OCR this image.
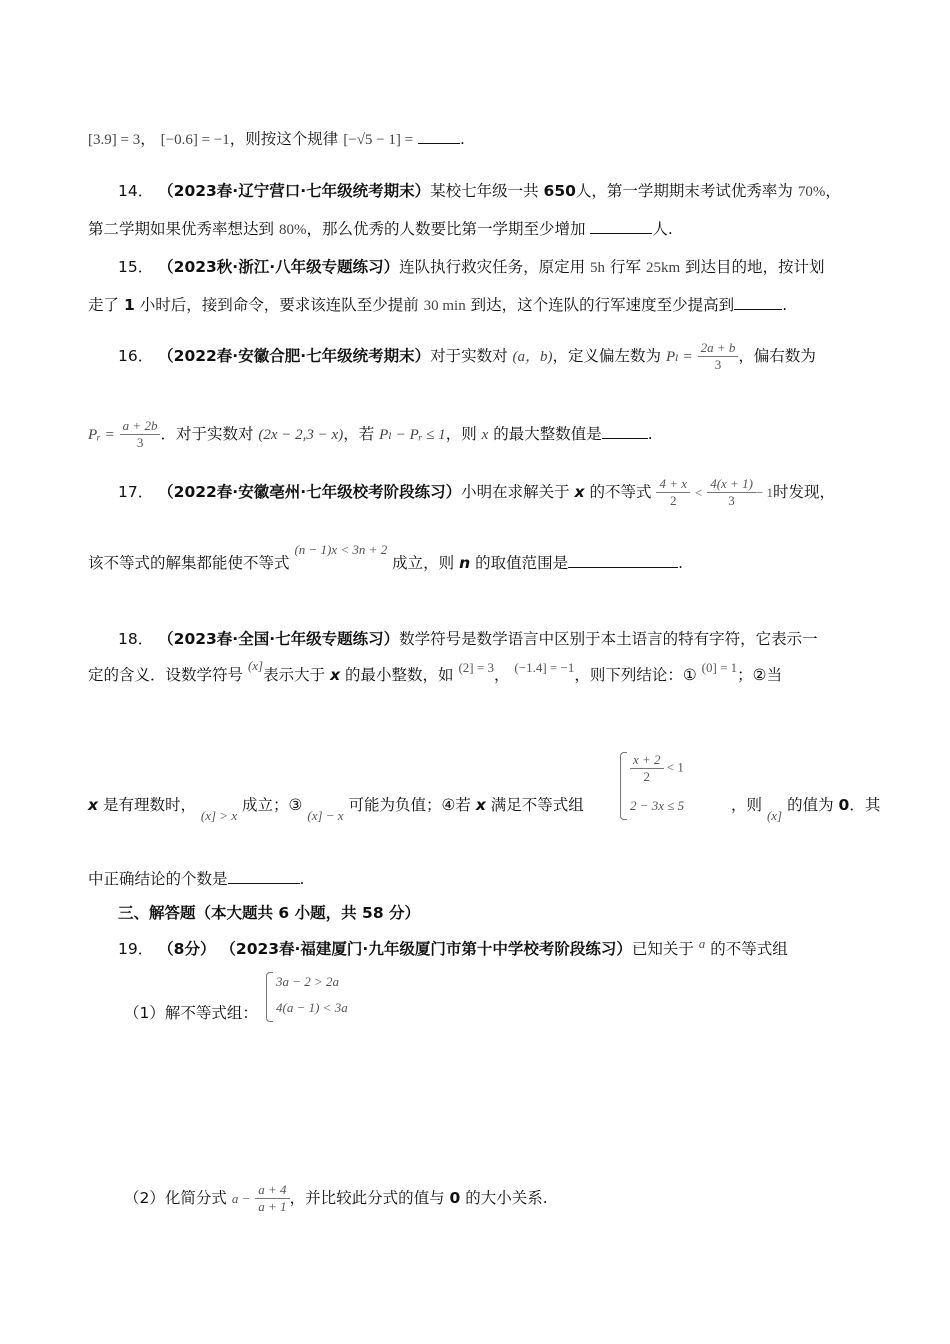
[3.9] = 3， [−0.6] = −1，则按这个规律 [−√5 − 1] =	.
14． （2023春·辽宁营口·七年级统考期末）某校七年级一共 650人，第一学期期末考试优秀率为 70%，
第二学期如果优秀率想达到 80%，那么优秀的人数要比第一学期至少增加	人.
15． （2023秋·浙江·八年级专题练习）连队执行救灾任务，原定用 5h 行军 25km 到达目的地，按计划
走了 1 小时后，接到命令，要求该连队至少提前 30 min 到达，这个连队的行军速度至少提高到	.
16． （2022春·安徽合肥·七年级统考期末）对于实数对 (a，b)，定义偏左数为 $P_l = \frac{2a + b}{3}$ ，偏右数为
Pᵣ = $\frac{a + 2b}{3}$ ．对于实数对 (2x − 2,3 − x)，若 Pₗ − Pᵣ ≤ 1，则 x 的最大整数值是	.
17． （2022春·安徽亳州·七年级校考阶段练习）小明在求解关于 x 的不等式 $\frac{4 + x}{2} < \frac{4(x + 1)}{3} - 1$时发现，
该不等式的解集都能使不等式 $^{(n - 1)x < 3n + 2}$ 成立，则 n 的取值范围是	.
18． （2023春·全国·七年级专题练习）数学符号是数学语言中区别于本土语言的特有字符，它表示一
定的含义．设数学符号 $^{(x]}$表示大于 x 的最小整数，如 $^{(2] = 3}$， $^{(-1.4] = -1}$，则下列结论：① $^{(0] = 1}$；②当
$\frac{x + 2}{2} < 1$
2 − 3x ≤ 5
x 是有理数时， $_{(x] > x}$ 成立；③ $_{(x] - x}$ 可能为负值；④若 x 满足不等式组	，则 $_{(x]}$ 的值为 0．其
中正确结论的个数是	.
三、解答题（本大题共 6 小题，共 58 分）
19． （8分） （2023春·福建厦门·九年级厦门市第十中学校考阶段练习）已知关于 $^a$ 的不等式组
3a − 2 > 2a
4(a − 1) < 3a
（1）解不等式组：
（2）化简分式 $a - \frac{a + 4}{a + 1}$ ，并比较此分式的值与 0 的大小关系.
